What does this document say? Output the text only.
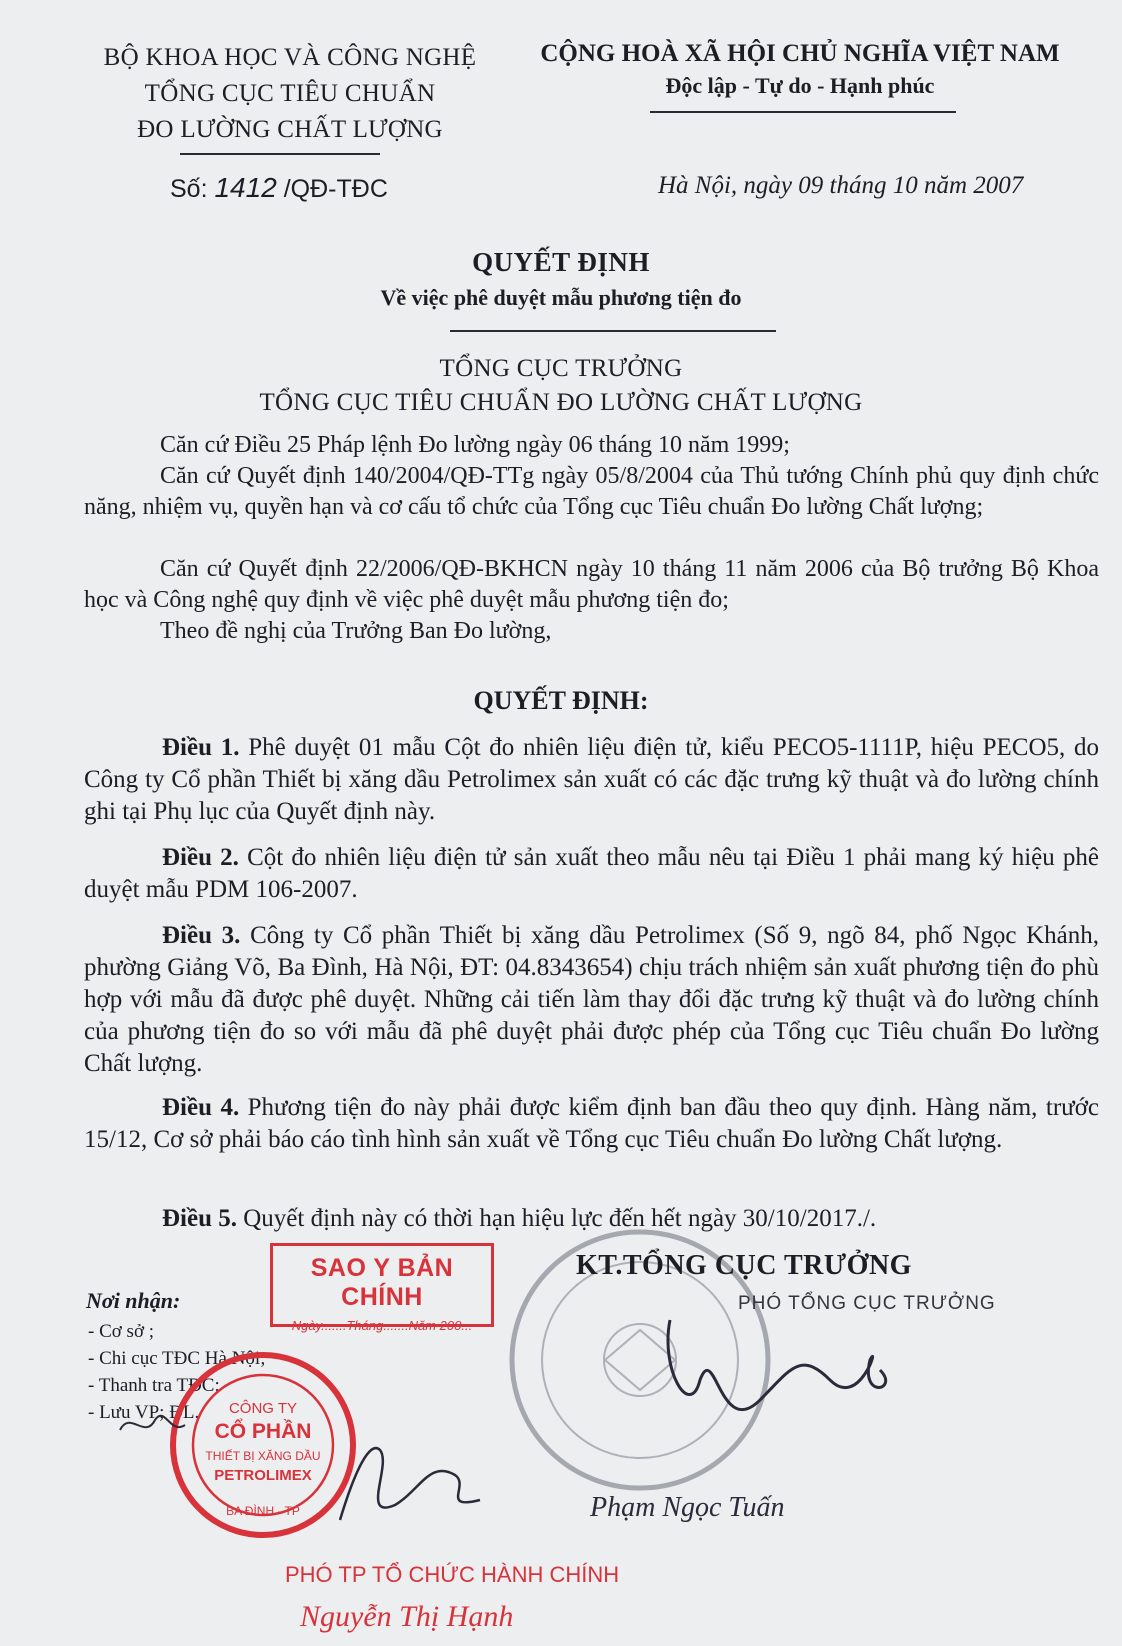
BỘ KHOA HỌC VÀ CÔNG NGHỆ
TỔNG CỤC TIÊU CHUẨN
ĐO LƯỜNG CHẤT LƯỢNG
CỘNG HOÀ XÃ HỘI CHỦ NGHĨA VIỆT NAM
Độc lập - Tự do - Hạnh phúc
Số: 1412 /QĐ-TĐC	Hà Nội, ngày 09 tháng 10 năm 2007
QUYẾT ĐỊNH
Về việc phê duyệt mẫu phương tiện đo
TỔNG CỤC TRƯỞNG
TỔNG CỤC TIÊU CHUẨN ĐO LƯỜNG CHẤT LƯỢNG
Căn cứ Điều 25 Pháp lệnh Đo lường ngày 06 tháng 10 năm 1999;
Căn cứ Quyết định 140/2004/QĐ-TTg ngày 05/8/2004 của Thủ tướng Chính phủ quy định chức năng, nhiệm vụ, quyền hạn và cơ cấu tổ chức của Tổng cục Tiêu chuẩn Đo lường Chất lượng;
Căn cứ Quyết định 22/2006/QĐ-BKHCN ngày 10 tháng 11 năm 2006 của Bộ trưởng Bộ Khoa học và Công nghệ quy định về việc phê duyệt mẫu phương tiện đo;
Theo đề nghị của Trưởng Ban Đo lường,
QUYẾT ĐỊNH:
Điều 1. Phê duyệt 01 mẫu Cột đo nhiên liệu điện tử, kiểu PECO5-1111P, hiệu PECO5, do Công ty Cổ phần Thiết bị xăng dầu Petrolimex sản xuất có các đặc trưng kỹ thuật và đo lường chính ghi tại Phụ lục của Quyết định này.
Điều 2. Cột đo nhiên liệu điện tử sản xuất theo mẫu nêu tại Điều 1 phải mang ký hiệu phê duyệt mẫu PDM 106-2007.
Điều 3. Công ty Cổ phần Thiết bị xăng dầu Petrolimex (Số 9, ngõ 84, phố Ngọc Khánh, phường Giảng Võ, Ba Đình, Hà Nội, ĐT: 04.8343654) chịu trách nhiệm sản xuất phương tiện đo phù hợp với mẫu đã được phê duyệt. Những cải tiến làm thay đổi đặc trưng kỹ thuật và đo lường chính của phương tiện đo so với mẫu đã phê duyệt phải được phép của Tổng cục Tiêu chuẩn Đo lường Chất lượng.
Điều 4. Phương tiện đo này phải được kiểm định ban đầu theo quy định. Hàng năm, trước 15/12, Cơ sở phải báo cáo tình hình sản xuất về Tổng cục Tiêu chuẩn Đo lường Chất lượng.
Điều 5. Quyết định này có thời hạn hiệu lực đến hết ngày 30/10/2017./.
Nơi nhận:
- Cơ sở ;
- Chi cục TĐC Hà Nội;
- Thanh tra TĐC;
- Lưu VP; ĐL.	CÔNG TY
CỔ PHẦN
THIẾT BỊ XĂNG DẦU
PETROLIMEX
BA ĐÌNH - TP
SAO Y BẢN CHÍNH
Ngày.......Tháng.......Năm 200...
KT.TỔNG CỤC TRƯỞNG
PHÓ TỔNG CỤC TRƯỞNG
Phạm Ngọc Tuấn
PHÓ TP TỔ CHỨC HÀNH CHÍNH
Nguyễn Thị Hạnh
